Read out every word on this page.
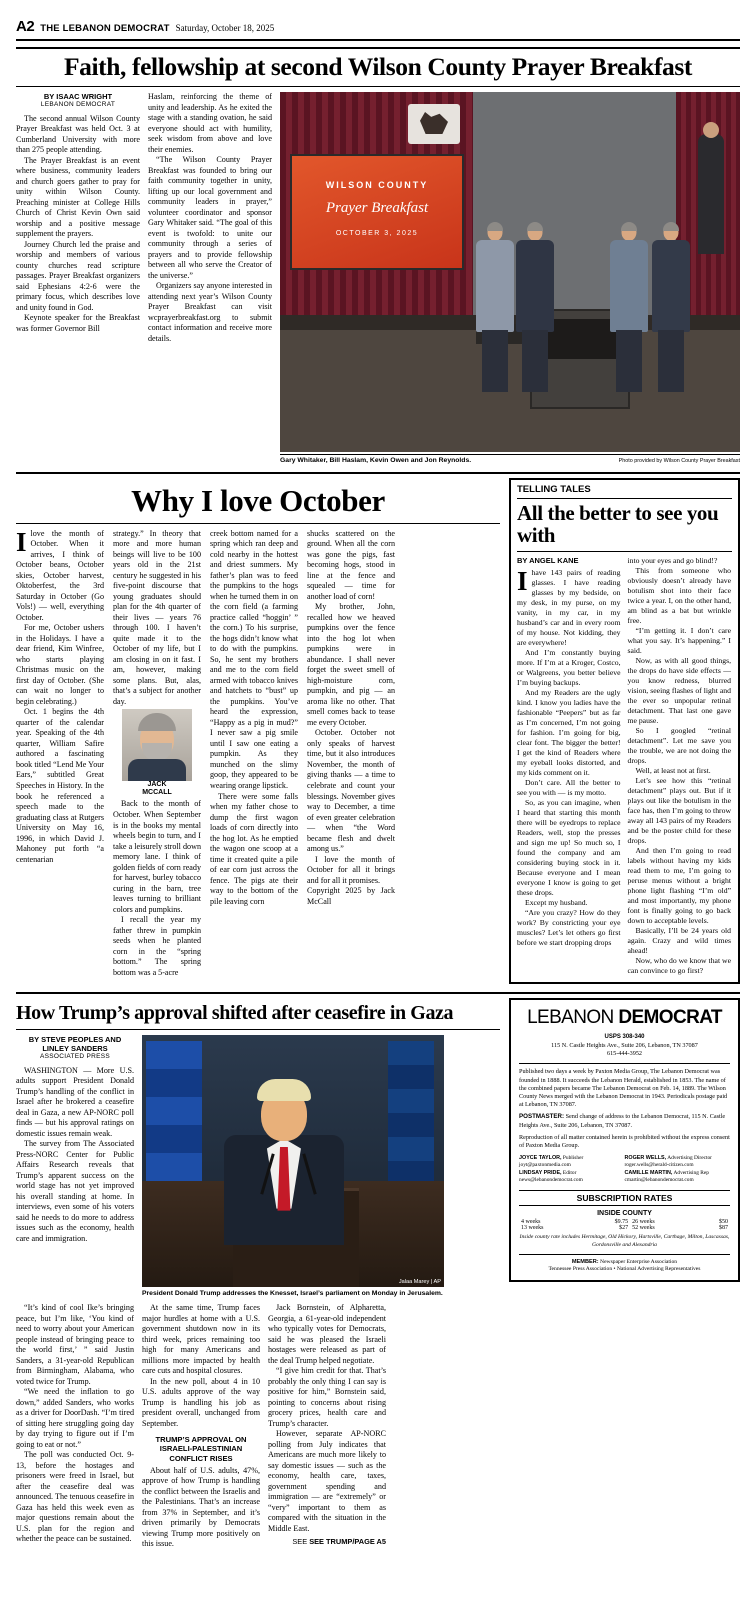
A2 THE LEBANON DEMOCRAT Saturday, October 18, 2025
Faith, fellowship at second Wilson County Prayer Breakfast
BY ISAAC WRIGHT
LEBANON DEMOCRAT

The second annual Wilson County Prayer Breakfast was held Oct. 3 at Cumberland University with more than 275 people attending.

The Prayer Breakfast is an event where business, community leaders and church goers gather to pray for unity within Wilson County. Preaching minister at College Hills Church of Christ Kevin Own said worship and a positive message supplement the prayers.

Journey Church led the praise and worship and members of various county churches read scripture passages. Prayer Breakfast organizers said Ephesians 4:2-6 were the primary focus, which describes love and unity found in God.

Keynote speaker for the Breakfast was former Governor Bill

Haslam, reinforcing the theme of unity and leadership. As he exited the stage with a standing ovation, he said everyone should act with humility, seek wisdom from above and love their enemies.

“The Wilson County Prayer Breakfast was founded to bring our faith community together in unity, lifting up our local government and community leaders in prayer,” volunteer coordinator and sponsor Gary Whitaker said. “The goal of this event is twofold: to unite our community through a series of prayers and to provide fellowship between all who serve the Creator of the universe.”

Organizers say anyone interested in attending next year’s Wilson County Prayer Breakfast can visit wcprayerbreakfast.org to submit contact information and receive more details.

WILSON COUNTY
Prayer Breakfast
OCTOBER 3, 2025
Gary Whitaker, Bill Haslam, Kevin Owen and Jon Reynolds.	Photo provided by Wilson County Prayer Breakfast
Why I love October

Ilove the month of October. When it arrives, I think of October beans, October skies, October harvest, Oktoberfest, the 3rd Saturday in October (Go Vols!) — well, everything October.

For me, October ushers in the Holidays. I have a dear friend, Kim Winfree, who starts playing Christmas music on the first day of October. (She can wait no longer to begin celebrating.)

Oct. 1 begins the 4th quarter of the calendar year. Speaking of the 4th quarter, William Safire authored a fascinating book titled “Lend Me Your Ears,” subtitled Great Speeches in History. In the book he referenced a speech made to the graduating class at Rutgers University on May 16, 1996, in which David J. Mahoney put forth “a centenarian

strategy.” In theory that more and more human beings will live to be 100 years old in the 21st century he suggested in his five-point discourse that young graduates should plan for the 4th quarter of their lives — years 76 through 100. I haven’t quite made it to the October of my life, but I am closing in on it fast. I am, however, making some plans. But, alas, that’s a subject for another day.

JACK
MCCALL

Back to the month of October. When September is in the books my mental wheels begin to turn, and I take a leisurely stroll down memory lane. I think of golden fields of corn ready for harvest, burley tobacco curing in the barn, tree leaves turning to brilliant colors and pumpkins.

I recall the year my father threw in pumpkin seeds when he planted corn in the “spring bottom.” The spring bottom was a 5-acre

creek bottom named for a spring which ran deep and cold nearby in the hottest and driest summers. My father’s plan was to feed the pumpkins to the hogs when he turned them in on the corn field (a farming practice called “hoggin’ ” the corn.) To his surprise, the hogs didn’t know what to do with the pumpkins. So, he sent my brothers and me to the corn field armed with tobacco knives and hatchets to “bust” up the pumpkins. You’ve heard the expression, “Happy as a pig in mud?” I never saw a pig smile until I saw one eating a pumpkin. As they munched on the slimy goop, they appeared to be wearing orange lipstick.

There were some falls when my father chose to dump the first wagon loads of corn directly into the hog lot. As he emptied the wagon one scoop at a time it created quite a pile of ear corn just across the fence. The pigs ate their way to the bottom of the pile leaving corn

shucks scattered on the ground. When all the corn was gone the pigs, fast becoming hogs, stood in line at the fence and squealed — time for another load of corn!

My brother, John, recalled how we heaved pumpkins over the fence into the hog lot when pumpkins were in abundance. I shall never forget the sweet smell of high-moisture corn, pumpkin, and pig — an aroma like no other. That smell comes back to tease me every October.

October. October not only speaks of harvest time, but it also introduces November, the month of giving thanks — a time to celebrate and count your blessings. November gives way to December, a time of even greater celebration — when “the Word became flesh and dwelt among us.”

I love the month of October for all it brings and for all it promises.

Copyright 2025 by Jack McCall

TELLING TALES
All the better to see you with
BY ANGEL KANE

Ihave 143 pairs of reading glasses. I have reading glasses by my bedside, on my desk, in my purse, on my vanity, in my car, in my husband’s car and in every room of my house. Not kidding, they are everywhere!

And I’m constantly buying more. If I’m at a Kroger, Costco, or Walgreens, you better believe I’m buying backups.

And my Readers are the ugly kind. I know you ladies have the fashionable “Peepers” but as far as I’m concerned, I’m not going for fashion. I’m going for big, clear font. The bigger the better! I get the kind of Readers where my eyeball looks distorted, and my kids comment on it.

Don’t care. All the better to see you with — is my motto.

So, as you can imagine, when I heard that starting this month there will be eyedrops to replace Readers, well, stop the presses and sign me up! So much so, I found the company and am considering buying stock in it. Because everyone and I mean everyone I know is going to get these drops.

Except my husband.

“Are you crazy? How do they work? By constricting your eye muscles? Let’s let others go first before we start dropping drops

into your eyes and go blind!?

This from someone who obviously doesn’t already have botulism shot into their face twice a year. I, on the other hand, am blind as a bat but wrinkle free.

“I’m getting it. I don’t care what you say. It’s happening.” I said.

Now, as with all good things, the drops do have side effects — you know redness, blurred vision, seeing flashes of light and the ever so unpopular retinal detachment. That last one gave me pause.

So I googled “retinal detachment”. Let me save you the trouble, we are not doing the drops.

Well, at least not at first.

Let’s see how this “retinal detachment” plays out. But if it plays out like the botulism in the face has, then I’m going to throw away all 143 pairs of my Readers and be the poster child for these drops.

And then I’m going to read labels without having my kids read them to me, I’m going to peruse menus without a bright phone light flashing “I’m old” and most importantly, my phone font is finally going to go back down to acceptable levels.

Basically, I’ll be 24 years old again. Crazy and wild times ahead!

Now, who do we know that we can convince to go first?

How Trump’s approval shifted after ceasefire in Gaza
BY STEVE PEOPLES AND LINLEY SANDERS
ASSOCIATED PRESS

WASHINGTON — More U.S. adults support President Donald Trump’s handling of the conflict in Israel after he brokered a ceasefire deal in Gaza, a new AP-NORC poll finds — but his approval ratings on domestic issues remain weak.

The survey from The Associated Press-NORC Center for Public Affairs Research reveals that Trump’s apparent success on the world stage has not yet improved his overall standing at home. In interviews, even some of his voters said he needs to do more to address issues such as the economy, health care and immigration.

Jalaa Marey | AP
President Donald Trump addresses the Knesset, Israel’s parliament on Monday in Jerusalem.

“It’s kind of cool Ike’s bringing peace, but I’m like, ‘You kind of need to worry about your American people instead of bringing peace to the world first,’ ” said Justin Sanders, a 31-year-old Republican from Birmingham, Alabama, who voted twice for Trump.

“We need the inflation to go down,” added Sanders, who works as a driver for DoorDash. “I’m tired of sitting here struggling going day by day trying to figure out if I’m going to eat or not.”

The poll was conducted Oct. 9-13, before the hostages and prisoners were freed in Israel, but after the ceasefire deal was announced. The tenuous ceasefire in Gaza has held this week even as major questions remain about the U.S. plan for the region and whether the peace can be sustained.

At the same time, Trump faces major hurdles at home with a U.S. government shutdown now in its third week, prices remaining too high for many Americans and millions more impacted by health care cuts and hospital closures.

In the new poll, about 4 in 10 U.S. adults approve of the way Trump is handling his job as president overall, unchanged from September.

TRUMP’S APPROVAL ON ISRAELI-PALESTINIAN CONFLICT RISES

About half of U.S. adults, 47%, approve of how Trump is handling the conflict between the Israelis and the Palestinians. That’s an increase from 37% in September, and it’s driven primarily by Democrats viewing Trump more positively on this issue.

Jack Bornstein, of Alpharetta, Georgia, a 61-year-old independent who typically votes for Democrats, said he was pleased the Israeli hostages were released as part of the deal Trump helped negotiate.

“I give him credit for that. That’s probably the only thing I can say is positive for him,” Bornstein said, pointing to concerns about rising grocery prices, health care and Trump’s character.

However, separate AP-NORC polling from July indicates that Americans are much more likely to say domestic issues — such as the economy, health care, taxes, government spending and immigration — are “extremely” or “very” important to them as compared with the situation in the Middle East.

SEE SEE TRUMP/PAGE A5
LEBANON DEMOCRAT
USPS 308-340
115 N. Castle Heights Ave., Suite 206, Lebanon, TN 37087
615-444-3952
Published two days a week by Paxton Media Group, The Lebanon Democrat was founded in 1888. It succeeds the Lebanon Herald, established in 1853. The name of the combined papers became The Lebanon Democrat on Feb. 14, 1889. The Wilson County News merged with the Lebanon Democrat in 1943. Periodicals postage paid at Lebanon, TN 37087.
POSTMASTER: Send change of address to the Lebanon Democrat, 115 N. Castle Heights Ave., Suite 206, Lebanon, TN 37087.
Reproduction of all matter contained herein is prohibited without the express consent of Paxton Media Group.
JOYCE TAYLOR, Publisher
joyt@paxtonmedia.com
ROGER WELLS, Advertising Director
roger.wells@herald-citizen.com
LINDSAY PRIDE, Editor
news@lebanondemocrat.com
CAMILLE MARTIN, Advertising Rep
cmartin@lebanondemocrat.com
SUBSCRIPTION RATES
INSIDE COUNTY
4 weeks	$9.75	26 weeks	$50
13 weeks	$27	52 weeks	$87
Inside county rate includes Hermitage, Old Hickory, Hartsville, Carthage, Milton, Lascassas, Gordonsville and Alexandria
MEMBER: Newspaper Enterprise Association
Tennessee Press Association • National Advertising Representatives
